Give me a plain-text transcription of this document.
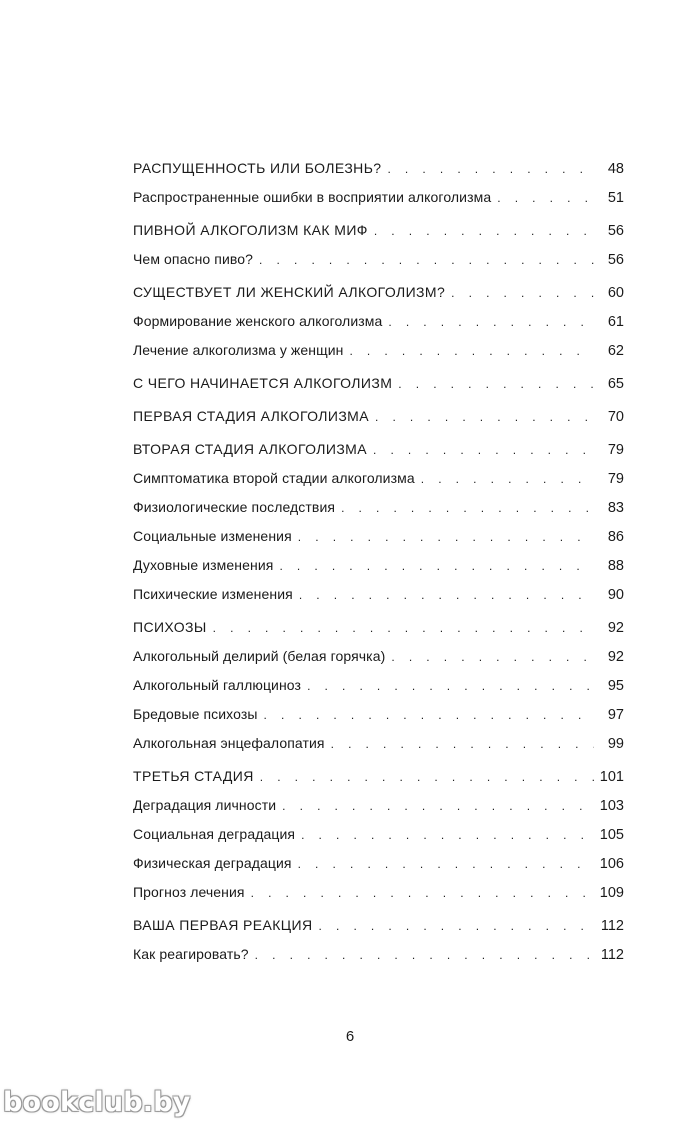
РАСПУЩЕННОСТЬ ИЛИ БОЛЕЗНЬ? . . .	48
Распространенные ошибки в восприятии алкоголизма . . .	51
ПИВНОЙ АЛКОГОЛИЗМ КАК МИФ . . .	56
Чем опасно пиво? . . .	56
СУЩЕСТВУЕТ ЛИ ЖЕНСКИЙ АЛКОГОЛИЗМ? . . .	60
Формирование женского алкоголизма . . .	61
Лечение алкоголизма у женщин . . .	62
С ЧЕГО НАЧИНАЕТСЯ АЛКОГОЛИЗМ . . .	65
ПЕРВАЯ СТАДИЯ АЛКОГОЛИЗМА . . .	70
ВТОРАЯ СТАДИЯ АЛКОГОЛИЗМА . . .	79
Симптоматика второй стадии алкоголизма . . .	79
Физиологические последствия . . .	83
Социальные изменения . . .	86
Духовные изменения . . .	88
Психические изменения . . .	90
ПСИХОЗЫ . . .	92
Алкогольный делирий (белая горячка) . . .	92
Алкогольный галлюциноз . . .	95
Бредовые психозы . . .	97
Алкогольная энцефалопатия . . .	99
ТРЕТЬЯ СТАДИЯ . . .	101
Деградация личности . . .	103
Социальная деградация . . .	105
Физическая деградация . . .	106
Прогноз лечения . . .	109
ВАША ПЕРВАЯ РЕАКЦИЯ . . .	112
Как реагировать? . . .	112
6
bookclub.by
